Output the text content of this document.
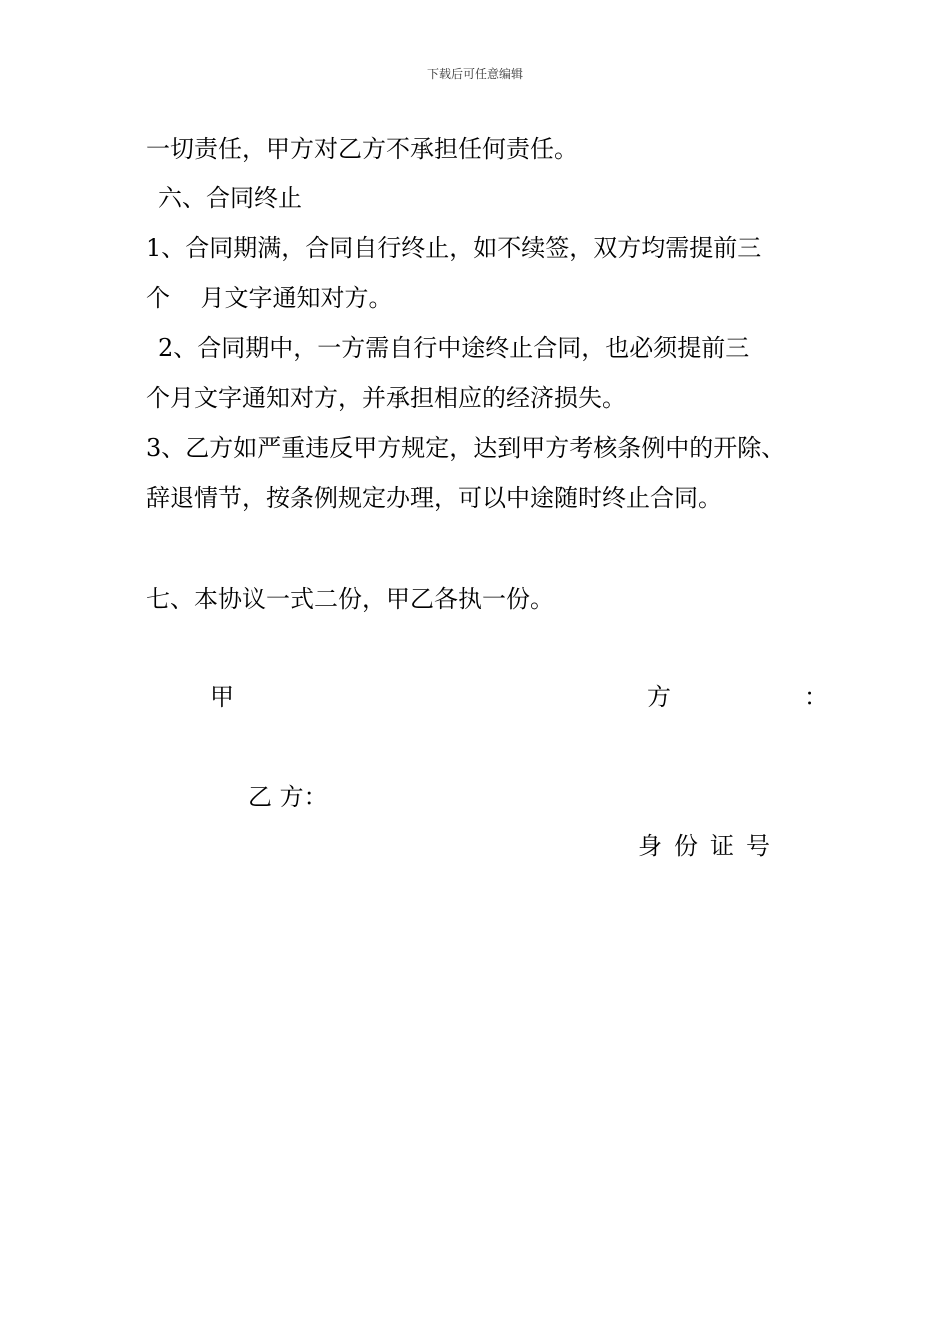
下载后可任意编辑
一切责任，甲方对乙方不承担任何责任。
六、合同终止
1、合同期满，合同自行终止，如不续签，双方均需提前三
个    月文字通知对方。
2、合同期中，一方需自行中途终止合同，也必须提前三
个月文字通知对方，并承担相应的经济损失。
3、乙方如严重违反甲方规定，达到甲方考核条例中的开除、
辞退情节，按条例规定办理，可以中途随时终止合同。
七、本协议一式二份，甲乙各执一份。
甲	方	：
乙 方：
身份证号
